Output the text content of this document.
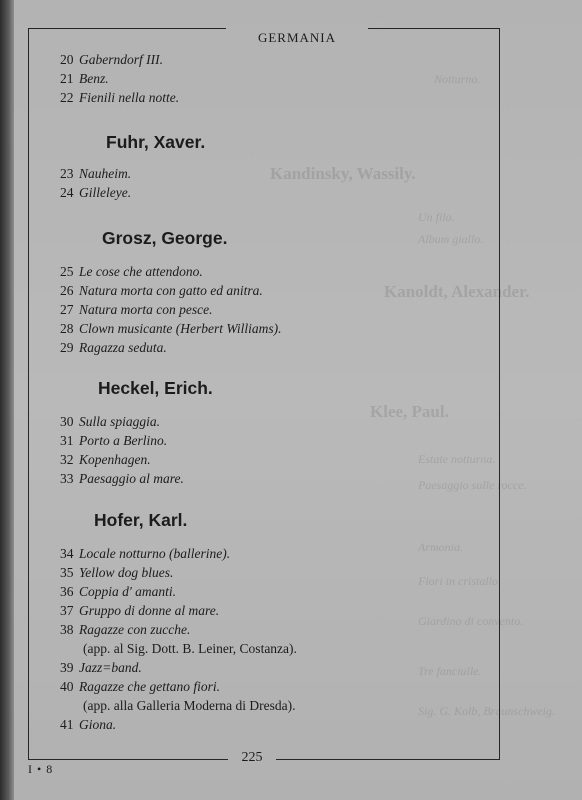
Kandinsky, Wassily.
Kanoldt, Alexander.
Klee, Paul.
Notturno.
Un filo.
Album giallo.
Estate notturna.
Paesaggio sulle rocce.
Armonia.
Fiori in cristallo.
Giardino di convento.
Tre fanciulle.
Sig. G. Kolb, Braunschweig.
GERMANIA
20 Gaberndorf III.
21 Benz.
22 Fienili nella notte.
Fuhr, Xaver.
23 Nauheim.
24 Gilleleye.
Grosz, George.
25 Le cose che attendono.
26 Natura morta con gatto ed anitra.
27 Natura morta con pesce.
28 Clown musicante (Herbert Williams).
29 Ragazza seduta.
Heckel, Erich.
30 Sulla spiaggia.
31 Porto a Berlino.
32 Kopenhagen.
33 Paesaggio al mare.
Hofer, Karl.
34 Locale notturno (ballerine).
35 Yellow dog blues.
36 Coppia d' amanti.
37 Gruppo di donne al mare.
38 Ragazze con zucche.
(app. al Sig. Dott. B. Leiner, Costanza).
39 Jazz=band.
40 Ragazze che gettano fiori.
(app. alla Galleria Moderna di Dresda).
41 Giona.
225
I • 8
